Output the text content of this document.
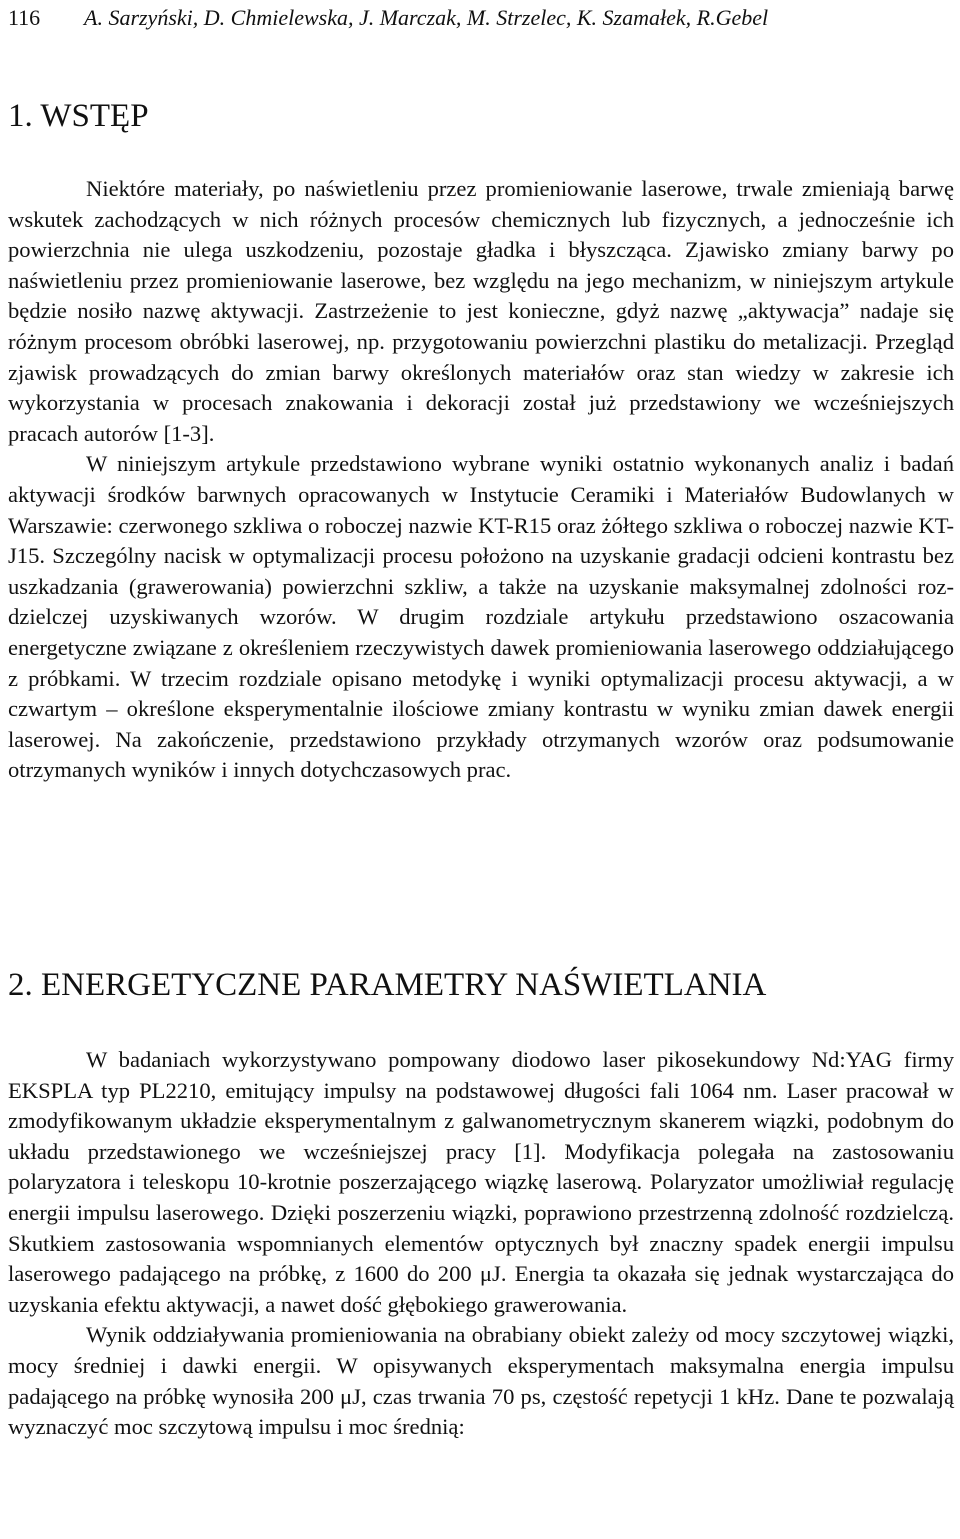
116 A. Sarzyński, D. Chmielewska, J. Marczak, M. Strzelec, K. Szamałek, R.Gebel
1. WSTĘP

Niektóre materiały, po naświetleniu przez promieniowanie laserowe, trwale zmieniają barwę wskutek zachodzących w nich różnych procesów chemicznych lub fizycznych, a jednocześnie ich powierzchnia nie ulega uszkodzeniu, pozostaje gładka i błyszcząca. Zjawisko zmiany barwy po naświetleniu przez promieniowanie laserowe, bez względu na jego mechanizm, w niniejszym artykule będzie nosiło nazwę aktywacji. Zastrzeżenie to jest konieczne, gdyż nazwę „aktywacja” nadaje się różnym procesom obróbki laserowej, np. przygotowaniu powierzchni plastiku do metalizacji. Przegląd zjawisk prowadzących do zmian barwy określonych materiałów oraz stan wiedzy w zakresie ich wykorzystania w procesach znakowania i dekoracji został już przedstawiony we wcześniejszych pracach autorów [1-3].

W niniejszym artykule przedstawiono wybrane wyniki ostatnio wykonanych analiz i badań aktywacji środków barwnych opracowanych w Instytucie Ceramiki i Materiałów Budowlanych w Warszawie: czerwonego szkliwa o roboczej nazwie KT-R15 oraz żółtego szkliwa o roboczej nazwie KT-J15. Szczególny nacisk w optymalizacji procesu położono na uzyskanie gradacji odcieni kontrastu bez uszkadzania (grawerowania) powierzchni szkliw, a także na uzyskanie maksymalnej zdolności rozdzielczej uzyskiwanych wzorów. W drugim rozdziale artykułu przedstawiono oszacowania energetyczne związane z określeniem rzeczywistych dawek promieniowania laserowego oddziałującego z próbkami. W trzecim rozdziale opisano metodykę i wyniki optymalizacji procesu aktywacji, a w czwartym – określone eksperymentalnie ilościowe zmiany kontrastu w wyniku zmian dawek energii laserowej. Na zakończenie, przedstawiono przykłady otrzymanych wzorów oraz podsumowanie otrzymanych wyników i innych dotychczasowych prac.

2. ENERGETYCZNE PARAMETRY NAŚWIETLANIA

W badaniach wykorzystywano pompowany diodowo laser pikosekundowy Nd:YAG firmy EKSPLA typ PL2210, emitujący impulsy na podstawowej długości fali 1064 nm. Laser pracował w zmodyfikowanym układzie eksperymentalnym z galwanometrycznym skanerem wiązki, podobnym do układu przedstawionego we wcześniejszej pracy [1]. Modyfikacja polegała na zastosowaniu polaryzatora i teleskopu 10-krotnie poszerzającego wiązkę laserową. Polaryzator umożliwiał regulację energii impulsu laserowego. Dzięki poszerzeniu wiązki, poprawiono przestrzenną zdolność rozdzielczą. Skutkiem zastosowania wspomnianych elementów optycznych był znaczny spadek energii impulsu laserowego padającego na próbkę, z 1600 do 200 μJ. Energia ta okazała się jednak wystarczająca do uzyskania efektu aktywacji, a nawet dość głębokiego grawerowania.

Wynik oddziaływania promieniowania na obrabiany obiekt zależy od mocy szczytowej wiązki, mocy średniej i dawki energii. W opisywanych eksperymentach maksymalna energia impulsu padającego na próbkę wynosiła 200 μJ, czas trwania 70 ps, częstość repetycji 1 kHz. Dane te pozwalają wyznaczyć moc szczytową impulsu i moc średnią:
